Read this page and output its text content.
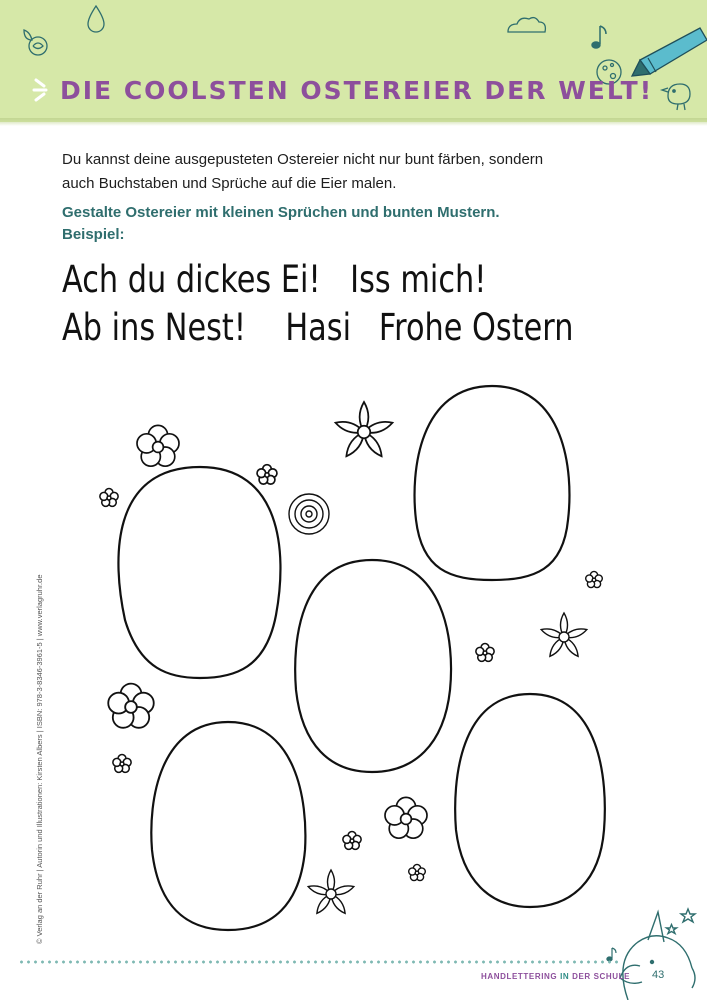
DIE COOLSTEN OSTEREIER DER WELT!

Du kannst deine ausgepusteten Ostereier nicht nur bunt färben, sondern auch Buchstaben und Sprüche auf die Eier malen.

Gestalte Ostereier mit kleinen Sprüchen und bunten Mustern.
Beispiel:
Ach du dickes Ei! Iss mich!
Ab ins Nest! Hasi Frohe Ostern
© Verlag an der Ruhr | Autorin und Illustrationen: Kirsten Albers | ISBN: 978-3-8346-3961-5 | www.verlagruhr.de
HANDLETTERING IN DER SCHULE 43
